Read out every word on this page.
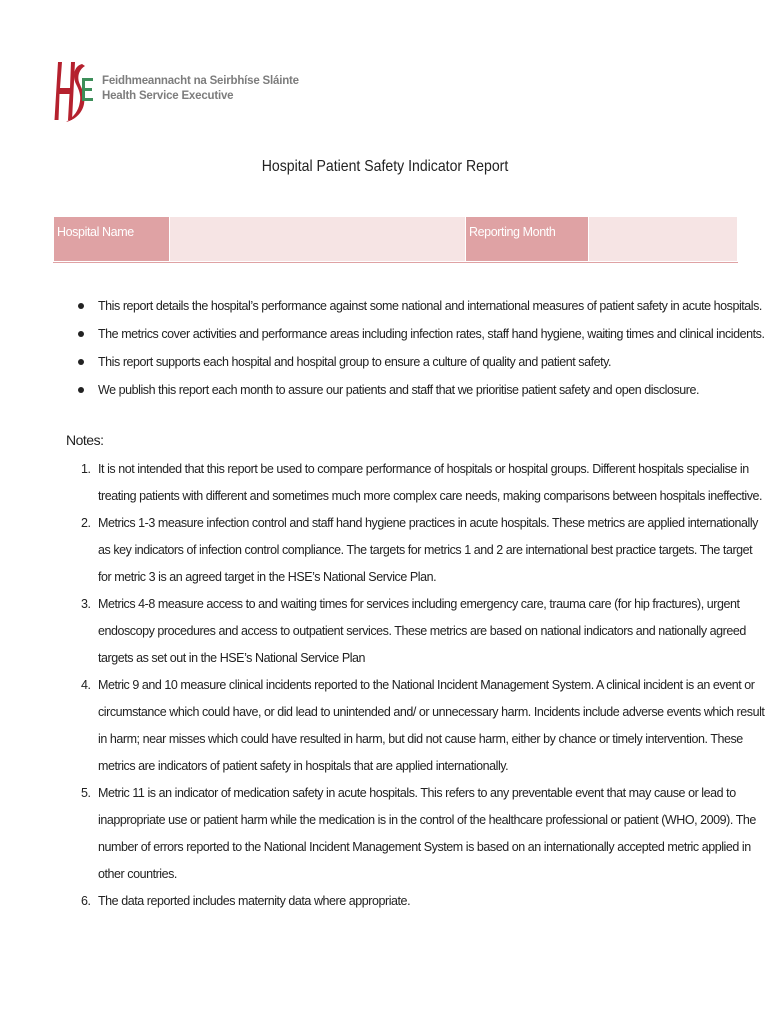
Feidhmeannacht na Seirbhíse Sláinte
Health Service Executive
Hospital Patient Safety Indicator Report
Hospital Name		Reporting Month

This report details the hospital’s performance against some national and international measures of patient safety in acute hospitals.
The metrics cover activities and performance areas including infection rates, staff hand hygiene, waiting times and clinical incidents.
This report supports each hospital and hospital group to ensure a culture of quality and patient safety.
We publish this report each month to assure our patients and staff that we prioritise patient safety and open disclosure.
Notes:
1. It is not intended that this report be used to compare performance of hospitals or hospital groups. Different hospitals specialise in
treating patients with different and sometimes much more complex care needs, making comparisons between hospitals ineffective.
2. Metrics 1-3 measure infection control and staff hand hygiene practices in acute hospitals. These metrics are applied internationally
as key indicators of infection control compliance. The targets for metrics 1 and 2 are international best practice targets. The target
for metric 3 is an agreed target in the HSE’s National Service Plan.
3. Metrics 4-8 measure access to and waiting times for services including emergency care, trauma care (for hip fractures), urgent
endoscopy procedures and access to outpatient services. These metrics are based on national indicators and nationally agreed
targets as set out in the HSE’s National Service Plan
4. Metric 9 and 10 measure clinical incidents reported to the National Incident Management System. A clinical incident is an event or
circumstance which could have, or did lead to unintended and/ or unnecessary harm. Incidents include adverse events which result
in harm; near misses which could have resulted in harm, but did not cause harm, either by chance or timely intervention. These
metrics are indicators of patient safety in hospitals that are applied internationally.
5. Metric 11 is an indicator of medication safety in acute hospitals. This refers to any preventable event that may cause or lead to
inappropriate use or patient harm while the medication is in the control of the healthcare professional or patient (WHO, 2009). The
number of errors reported to the National Incident Management System is based on an internationally accepted metric applied in
other countries.
6. The data reported includes maternity data where appropriate.
